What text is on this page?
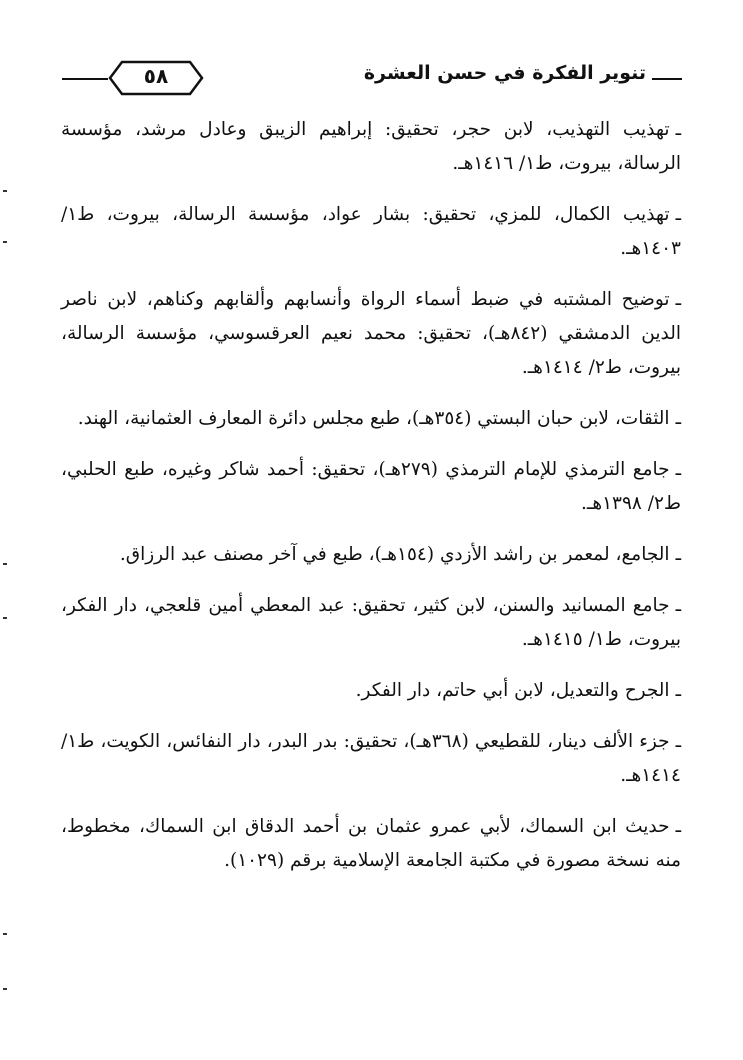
تنوير الفكرة في حسن العشرة
٥٨
ـتهذيب التهذيب، لابن حجر، تحقيق: إبراهيم الزيبق وعادل مرشد، مؤسسة الرسالة، بيروت، ط١/ ١٤١٦هـ.
ـتهذيب الكمال، للمزي، تحقيق: بشار عواد، مؤسسة الرسالة، بيروت، ط١/ ١٤٠٣هـ.
ـتوضيح المشتبه في ضبط أسماء الرواة وأنسابهم وألقابهم وكناهم، لابن ناصر الدين الدمشقي (٨٤٢هـ)، تحقيق: محمد نعيم العرقسوسي، مؤسسة الرسالة، بيروت، ط٢/ ١٤١٤هـ.
ـالثقات، لابن حبان البستي (٣٥٤هـ)، طبع مجلس دائرة المعارف العثمانية، الهند.
ـجامع الترمذي للإمام الترمذي (٢٧٩هـ)، تحقيق: أحمد شاكر وغيره، طبع الحلبي، ط٢/ ١٣٩٨هـ.
ـالجامع، لمعمر بن راشد الأزدي (١٥٤هـ)، طبع في آخر مصنف عبد الرزاق.
ـجامع المسانيد والسنن، لابن كثير، تحقيق: عبد المعطي أمين قلعجي، دار الفكر، بيروت، ط١/ ١٤١٥هـ.
ـالجرح والتعديل، لابن أبي حاتم، دار الفكر.
ـجزء الألف دينار، للقطيعي (٣٦٨هـ)، تحقيق: بدر البدر، دار النفائس، الكويت، ط١/ ١٤١٤هـ.
ـحديث ابن السماك، لأبي عمرو عثمان بن أحمد الدقاق ابن السماك، مخطوط، منه نسخة مصورة في مكتبة الجامعة الإسلامية برقم (١٠٢٩).
